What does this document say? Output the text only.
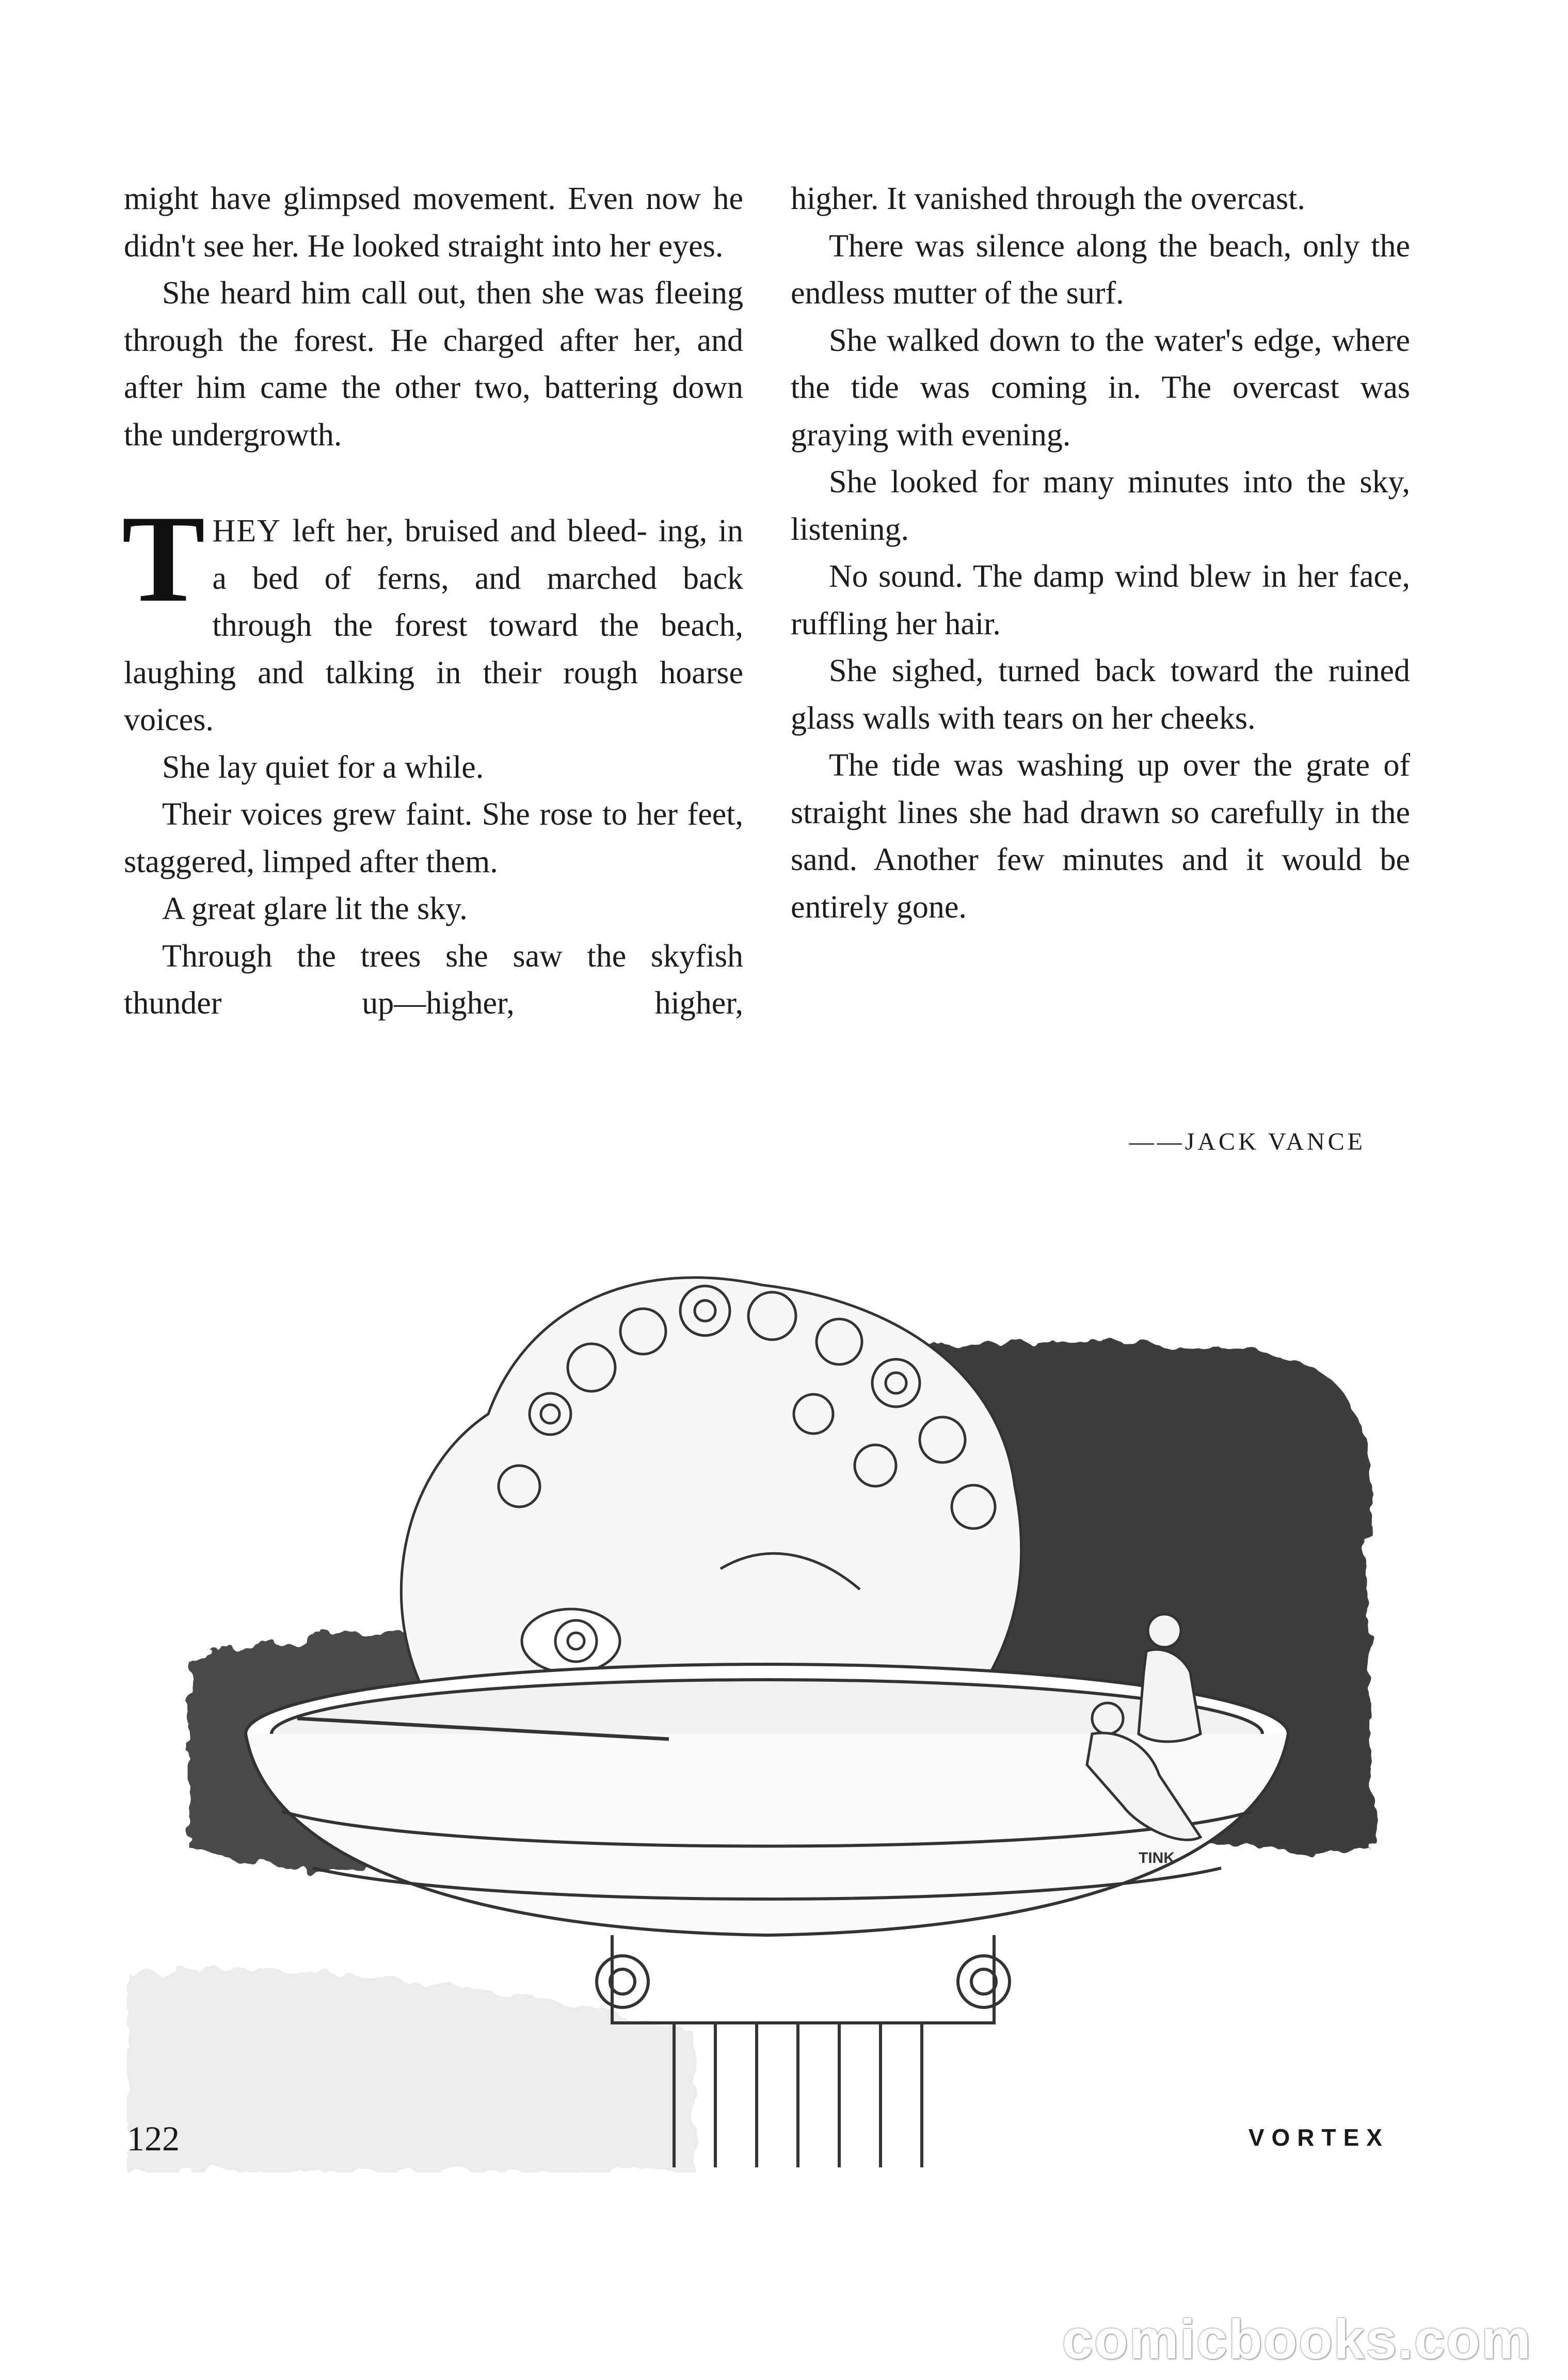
might have glimpsed movement. Even now he didn't see her. He looked straight into her eyes.

She heard him call out, then she was fleeing through the forest. He charged after her, and after him came the other two, battering down the undergrowth.

THEY left her, bruised and bleed- ing, in a bed of ferns, and marched back through the forest toward the beach, laughing and talking in their rough hoarse voices.

She lay quiet for a while.

Their voices grew faint. She rose to her feet, staggered, limped after them.

A great glare lit the sky.

Through the trees she saw the skyfish thunder up—higher, higher,

higher. It vanished through the overcast.

There was silence along the beach, only the endless mutter of the surf.

She walked down to the water's edge, where the tide was coming in. The overcast was graying with evening.

She looked for many minutes into the sky, listening.

No sound. The damp wind blew in her face, ruffling her hair.

She sighed, turned back toward the ruined glass walls with tears on her cheeks.

The tide was washing up over the grate of straight lines she had drawn so carefully in the sand. Another few minutes and it would be entirely gone.

——JACK VANCE
TINK
122	VORTEX
comicbooks.com
